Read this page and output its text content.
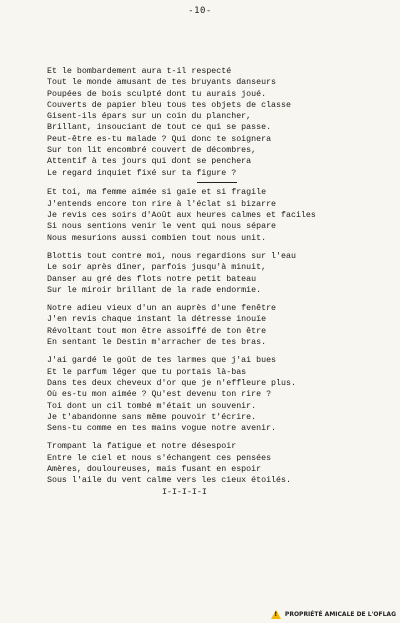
-10-
Et le bombardement aura t-il respecté
Tout le monde amusant de tes bruyants danseurs
Poupées de bois sculpté dont tu aurais joué.
Couverts de papier bleu tous tes objets de classe
Gisent-ils épars sur un coin du plancher,
Brillant, insouciant de tout ce qui se passe.
Peut-être es-tu malade ? Qui donc te soignera
Sur ton lit encombré couvert de décombres,
Attentif à tes jours qui dont se penchera
Le regard inquiet fixé sur ta figure ?
Et toi, ma femme aimée si gaie et si fragile
J'entends encore ton rire à l'éclat si bizarre
Je revis ces soirs d'Août aux heures calmes et faciles
Si nous sentions venir le vent qui nous sépare
Nous mesurions aussi combien tout nous unit.
Blottis tout contre moi, nous regardions sur l'eau
Le soir après dîner, parfois jusqu'à minuit,
Danser au gré des flots notre petit bateau
Sur le miroir brillant de la rade endormie.
Notre adieu vieux d'un an auprès d'une fenêtre
J'en revis chaque instant la détresse inouïe
Révoltant tout mon être assoiffé de ton être
En sentant le Destin m'arracher de tes bras.
J'ai gardé le goût de tes larmes que j'ai bues
Et le parfum léger que tu portais là-bas
Dans tes deux cheveux d'or que je n'effleure plus.
Où es-tu mon aimée ? Qu'est devenu ton rire ?
Toi dont un cil tombé m'était un souvenir.
Je t'abandonne sans même pouvoir t'écrire.
Sens-tu comme en tes mains vogue notre avenir.
Trompant la fatigue et notre désespoir
Entre le ciel et nous s'échangent ces pensées
Amères, douloureuses, mais fusant en espoir
Sous l'aile du vent calme vers les cieux étoilés.
I-I-I-I-I
!
PROPRIÉTÉ AMICALE DE L'OFLAG
